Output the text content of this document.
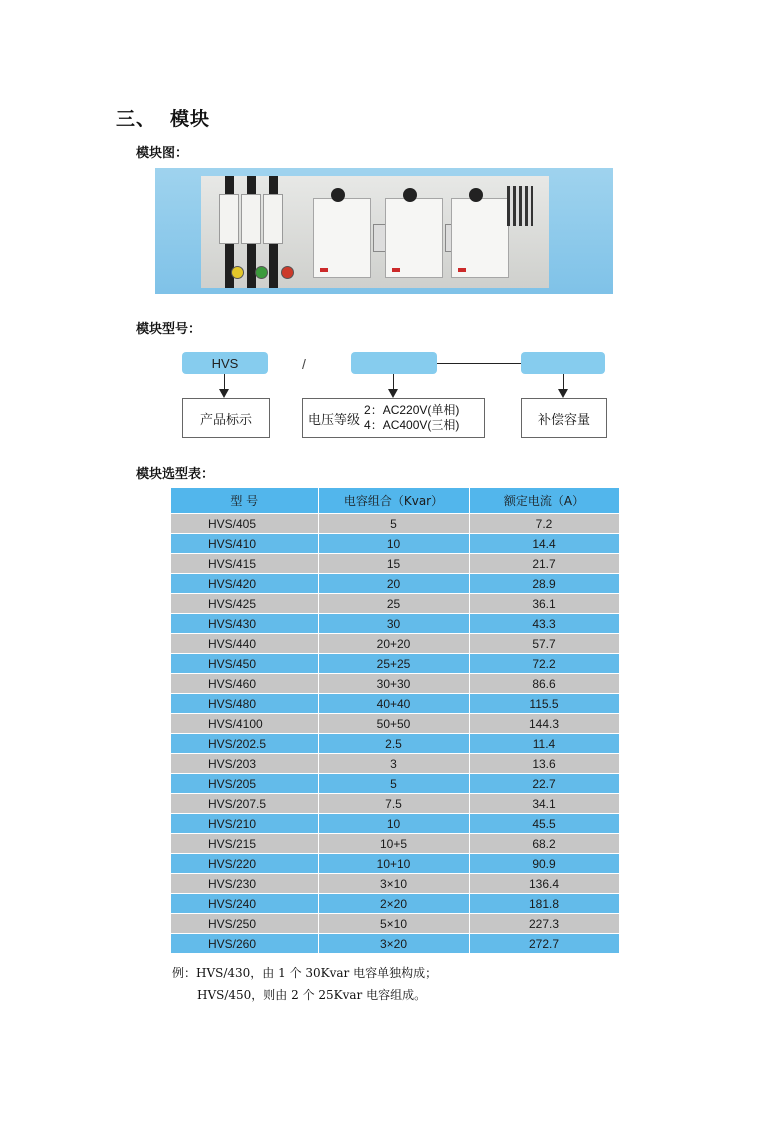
三、 模块
模块图：
模块型号：
HVS	/
产品标示	电压等级
2：AC220V(单相)
4：AC400V(三相)	补偿容量
模块选型表：
型 号	电容组合（Kvar）	额定电流（A）
HVS/405	5	7.2
HVS/410	10	14.4
HVS/415	15	21.7
HVS/420	20	28.9
HVS/425	25	36.1
HVS/430	30	43.3
HVS/440	20+20	57.7
HVS/450	25+25	72.2
HVS/460	30+30	86.6
HVS/480	40+40	115.5
HVS/4100	50+50	144.3
HVS/202.5	2.5	11.4
HVS/203	3	13.6
HVS/205	5	22.7
HVS/207.5	7.5	34.1
HVS/210	10	45.5
HVS/215	10+5	68.2
HVS/220	10+10	90.9
HVS/230	3×10	136.4
HVS/240	2×20	181.8
HVS/250	5×10	227.3
HVS/260	3×20	272.7
例：HVS/430，由 1 个 30Kvar 电容单独构成；
HVS/450，则由 2 个 25Kvar 电容组成。
